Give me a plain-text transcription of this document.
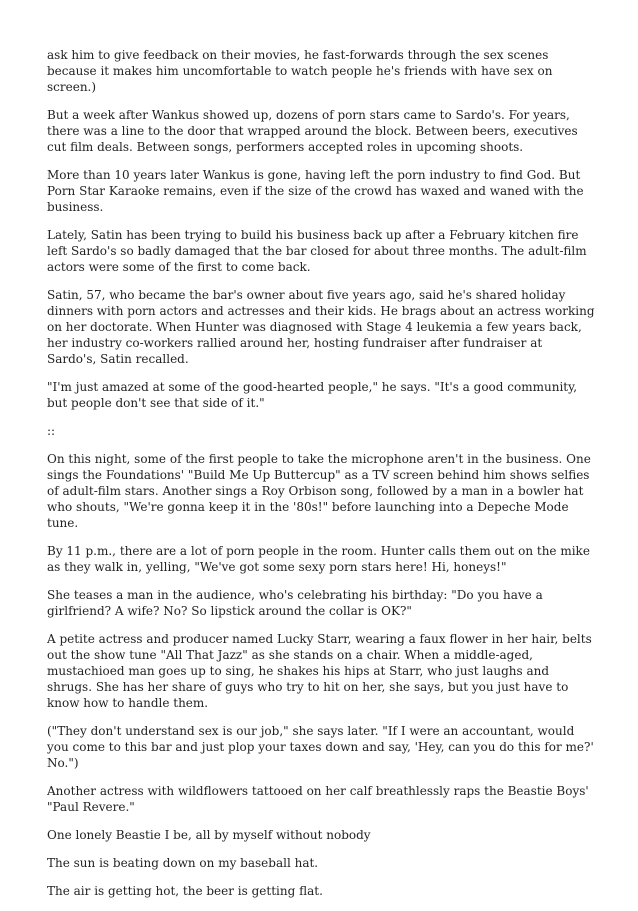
ask him to give feedback on their movies, he fast-forwards through the sex scenes because it makes him uncomfortable to watch people he's friends with have sex on screen.)

But a week after Wankus showed up, dozens of porn stars came to Sardo's. For years, there was a line to the door that wrapped around the block. Between beers, executives cut film deals. Between songs, performers accepted roles in upcoming shoots.

More than 10 years later Wankus is gone, having left the porn industry to find God. But Porn Star Karaoke remains, even if the size of the crowd has waxed and waned with the business.

Lately, Satin has been trying to build his business back up after a February kitchen fire left Sardo's so badly damaged that the bar closed for about three months. The adult-film actors were some of the first to come back.

Satin, 57, who became the bar's owner about five years ago, said he's shared holiday dinners with porn actors and actresses and their kids. He brags about an actress working on her doctorate. When Hunter was diagnosed with Stage 4 leukemia a few years back, her industry co-workers rallied around her, hosting fundraiser after fundraiser at Sardo's, Satin recalled.

"I'm just amazed at some of the good-hearted people," he says. "It's a good community, but people don't see that side of it."

::

On this night, some of the first people to take the microphone aren't in the business. One sings the Foundations' "Build Me Up Buttercup" as a TV screen behind him shows selfies of adult-film stars. Another sings a Roy Orbison song, followed by a man in a bowler hat who shouts, "We're gonna keep it in the '80s!" before launching into a Depeche Mode tune.

By 11 p.m., there are a lot of porn people in the room. Hunter calls them out on the mike as they walk in, yelling, "We've got some sexy porn stars here! Hi, honeys!"

She teases a man in the audience, who's celebrating his birthday: "Do you have a girlfriend? A wife? No? So lipstick around the collar is OK?"

A petite actress and producer named Lucky Starr, wearing a faux flower in her hair, belts out the show tune "All That Jazz" as she stands on a chair. When a middle-aged, mustachioed man goes up to sing, he shakes his hips at Starr, who just laughs and shrugs. She has her share of guys who try to hit on her, she says, but you just have to know how to handle them.

("They don't understand sex is our job," she says later. "If I were an accountant, would you come to this bar and just plop your taxes down and say, 'Hey, can you do this for me?' No.")

Another actress with wildflowers tattooed on her calf breathlessly raps the Beastie Boys' "Paul Revere."

One lonely Beastie I be, all by myself without nobody

The sun is beating down on my baseball hat.

The air is getting hot, the beer is getting flat.
